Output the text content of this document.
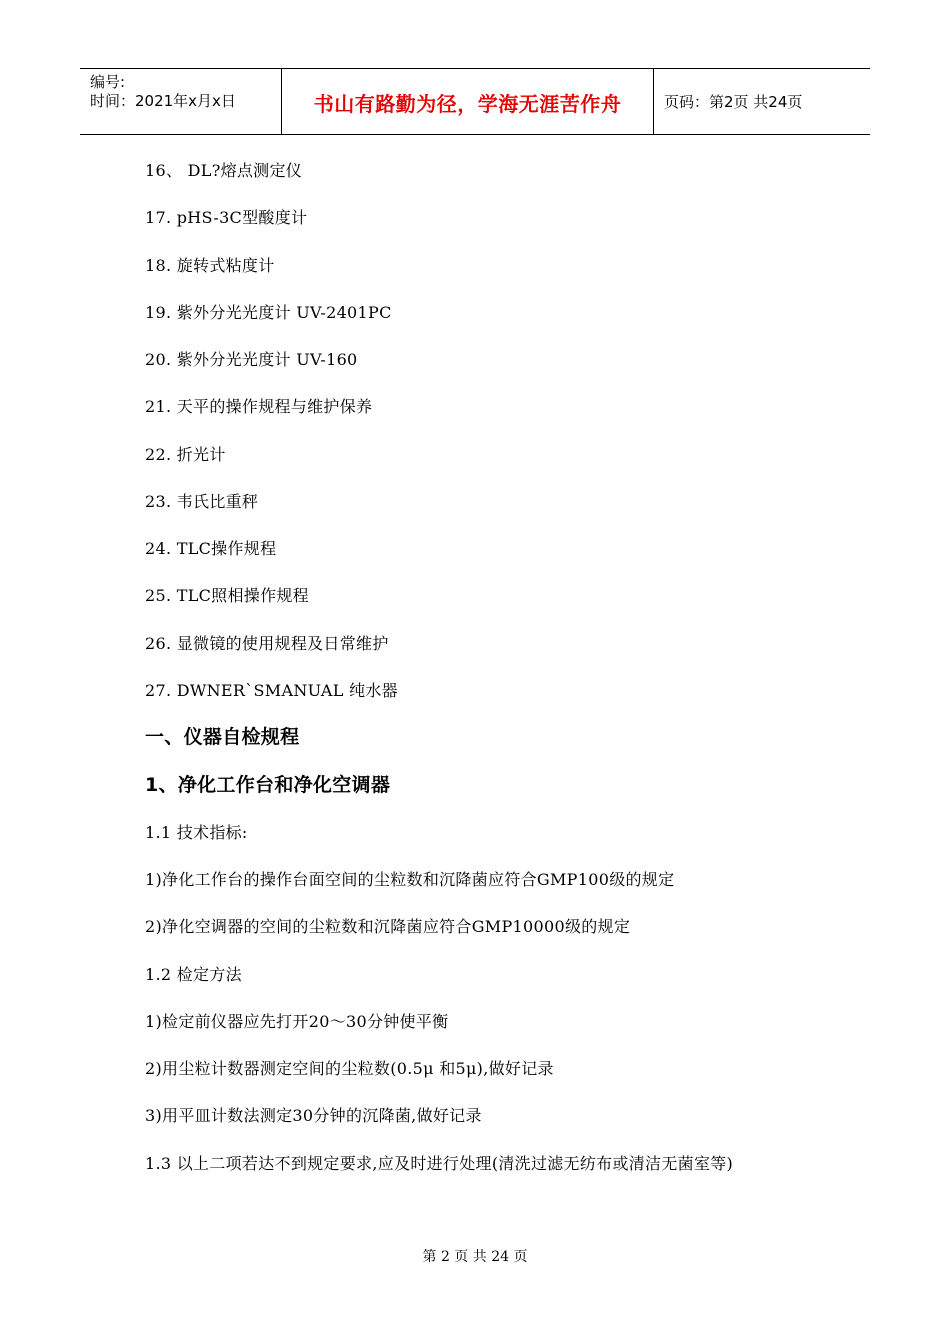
编号:
时间：2021年x月x日	书山有路勤为径，学海无涯苦作舟	页码：第2页 共24页
16、 DL?熔点测定仪
17. pHS-3C型酸度计
18. 旋转式粘度计
19. 紫外分光光度计 UV-2401PC
20. 紫外分光光度计 UV-160
21. 天平的操作规程与维护保养
22. 折光计
23. 韦氏比重秤
24. TLC操作规程
25. TLC照相操作规程
26. 显微镜的使用规程及日常维护
27. DWNER`SMANUAL 纯水器
一、仪器自检规程
1、净化工作台和净化空调器
1.1 技术指标:
1)净化工作台的操作台面空间的尘粒数和沉降菌应符合GMP100级的规定
2)净化空调器的空间的尘粒数和沉降菌应符合GMP10000级的规定
1.2 检定方法
1)检定前仪器应先打开20～30分钟使平衡
2)用尘粒计数器测定空间的尘粒数(0.5μ 和5μ),做好记录
3)用平皿计数法测定30分钟的沉降菌,做好记录
1.3 以上二项若达不到规定要求,应及时进行处理(清洗过滤无纺布或清洁无菌室等)
第 2 页 共 24 页
